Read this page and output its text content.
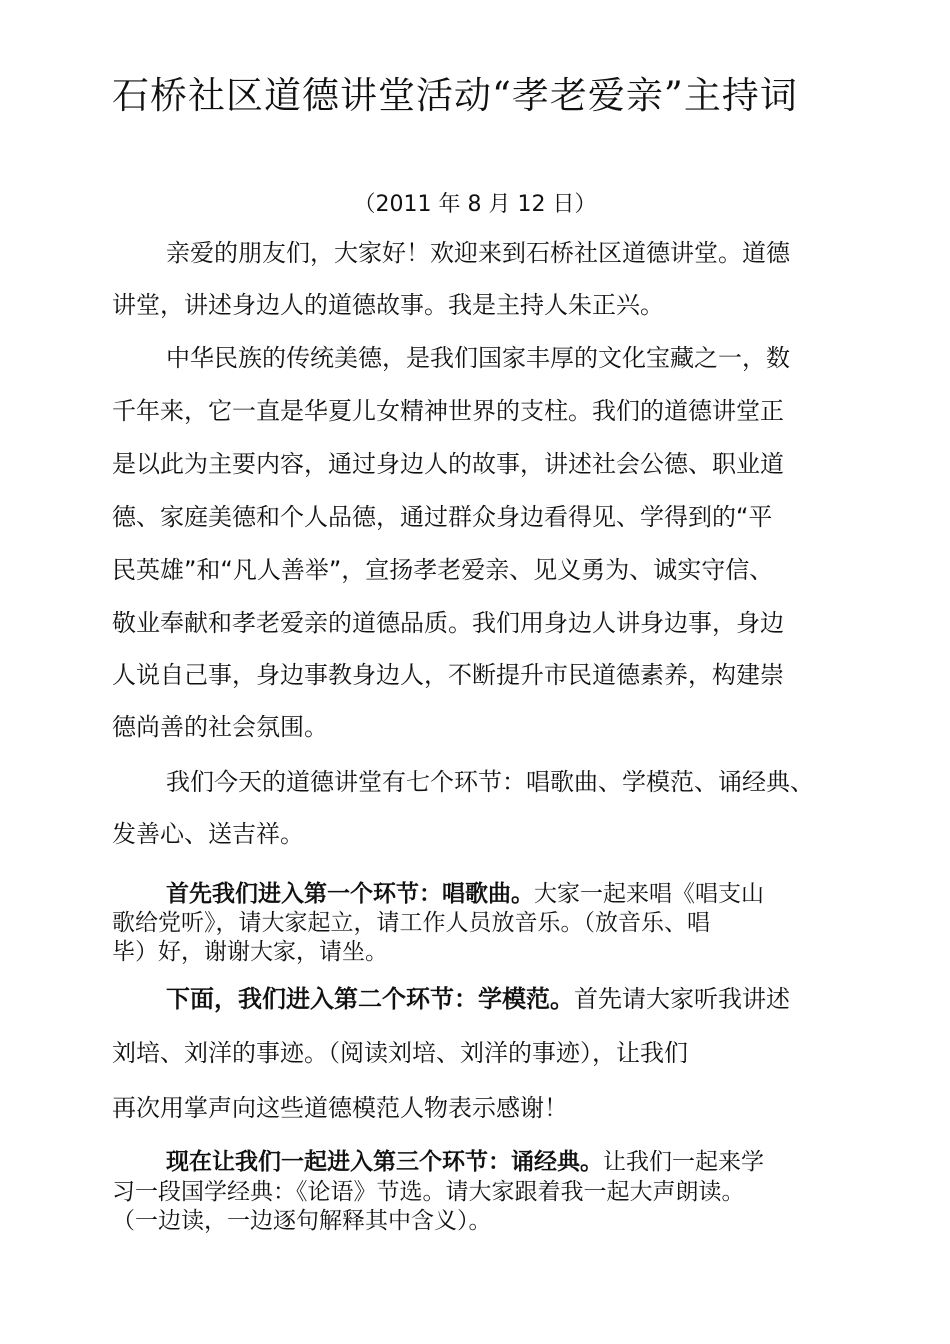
石桥社区道德讲堂活动“孝老爱亲”主持词
（2011 年 8 月 12 日）
亲爱的朋友们，大家好！欢迎来到石桥社区道德讲堂。道德
讲堂，讲述身边人的道德故事。我是主持人朱正兴。
中华民族的传统美德，是我们国家丰厚的文化宝藏之一，数
千年来，它一直是华夏儿女精神世界的支柱。我们的道德讲堂正
是以此为主要内容，通过身边人的故事，讲述社会公德、职业道
德、家庭美德和个人品德，通过群众身边看得见、学得到的“平
民英雄”和“凡人善举”，宣扬孝老爱亲、见义勇为、诚实守信、
敬业奉献和孝老爱亲的道德品质。我们用身边人讲身边事，身边
人说自己事，身边事教身边人，不断提升市民道德素养，构建崇
德尚善的社会氛围。
我们今天的道德讲堂有七个环节：唱歌曲、学模范、诵经典、
发善心、送吉祥。
首先我们进入第一个环节：唱歌曲。大家一起来唱《唱支山
歌给党听》，请大家起立，请工作人员放音乐。（放音乐、唱
毕）好，谢谢大家，请坐。
下面，我们进入第二个环节：学模范。首先请大家听我讲述
刘培、刘洋的事迹。（阅读刘培、刘洋的事迹），让我们
再次用掌声向这些道德模范人物表示感谢！
现在让我们一起进入第三个环节：诵经典。让我们一起来学
习一段国学经典：《论语》节选。请大家跟着我一起大声朗读。
（一边读，一边逐句解释其中含义）。
